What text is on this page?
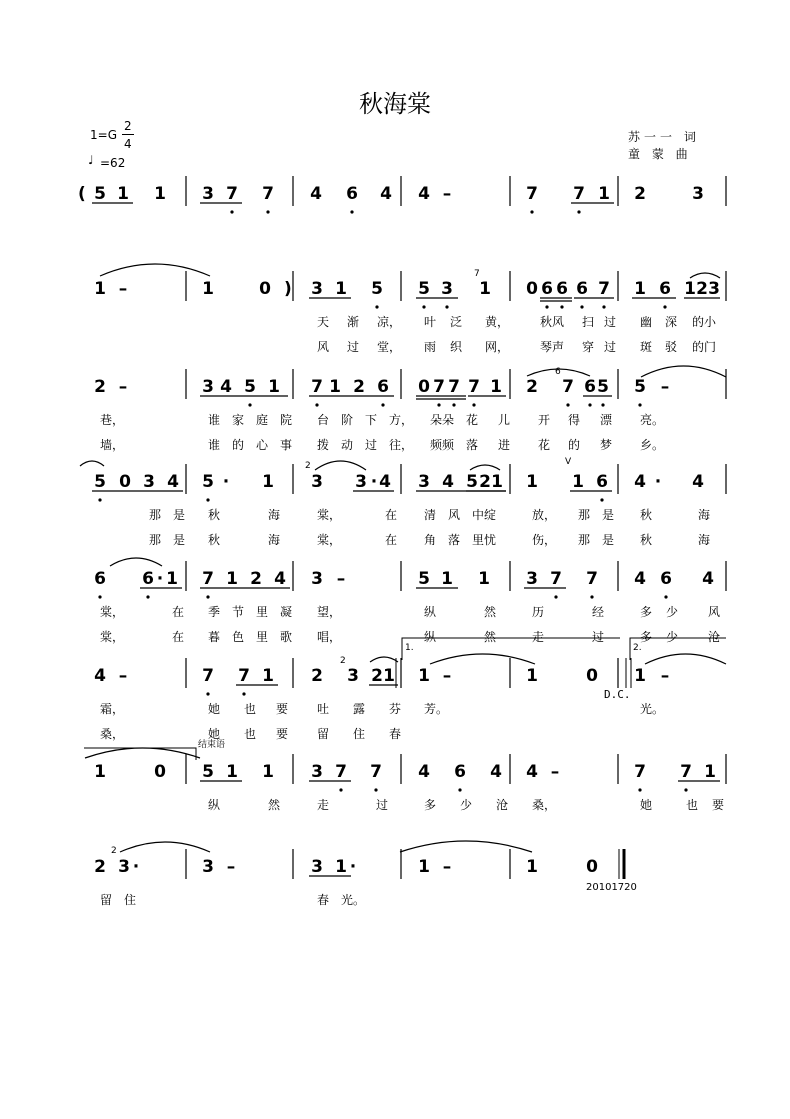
秋海棠
1=G
2
4
♩ =62
苏一一 词
童 蒙 曲
( 5 1 1 3 7 7 4 6 4 4 –	7 7 1 2	3
1 –	1	0 3 1 5 5 3 1 0 6 6 6 7 1 6 1 2 3
)
天 渐 凉， 叶 泛 黄，	秋风 扫 过 幽 深 的小
风 过 堂， 雨 织 网，	琴声 穿 过 斑 驳 的门
2 –	3 4 5 1 7 1 2 6 0 7 7 7 1 2 7 6 5 5 –
巷，	谁 家 庭 院 台 阶 下 方， 朵朵 花 儿 开 得 漂 亮。
墙，	谁 的 心 事 拨 动 过 往， 频频 落 进 花 的 梦 乡。
5 0 3 4 5 · 1 3 3 · 4 3 4 5 2 1 1 1 6 4 · 4
那 是 秋	海	棠，	在 清 风 中绽	放， 那 是 秋	海
那 是 秋	海	棠，	在 角 落 里忧	伤， 那 是 秋	海
6 6 · 1 7 1 2 4 3 –	5 1 1 3 7 7 4 6 4
棠，	在 季 节 里 凝 望，	纵	然	历	经	多 少 风
棠，	在 暮 色 里 歌 唱，	纵	然	走	过	多 少 沧
4 –	7 7 1 2 3 2 1 1 –	1	0 1 –
霜，	她 也 要 吐 露 芬 芳。	光。
桑，	她 也 要 留 住 春
1	0 5 1 1 3 7 7 4 6 4 4 –	7 7 1
纵	然	走	过	多 少 沧 桑，	她	也 要
2 3 ·	3 –	3 1 ·	1 –	1	0
留 住	春 光。
7
6
2
2
2
1.	2.
结束语
V
D.C.
20101720
